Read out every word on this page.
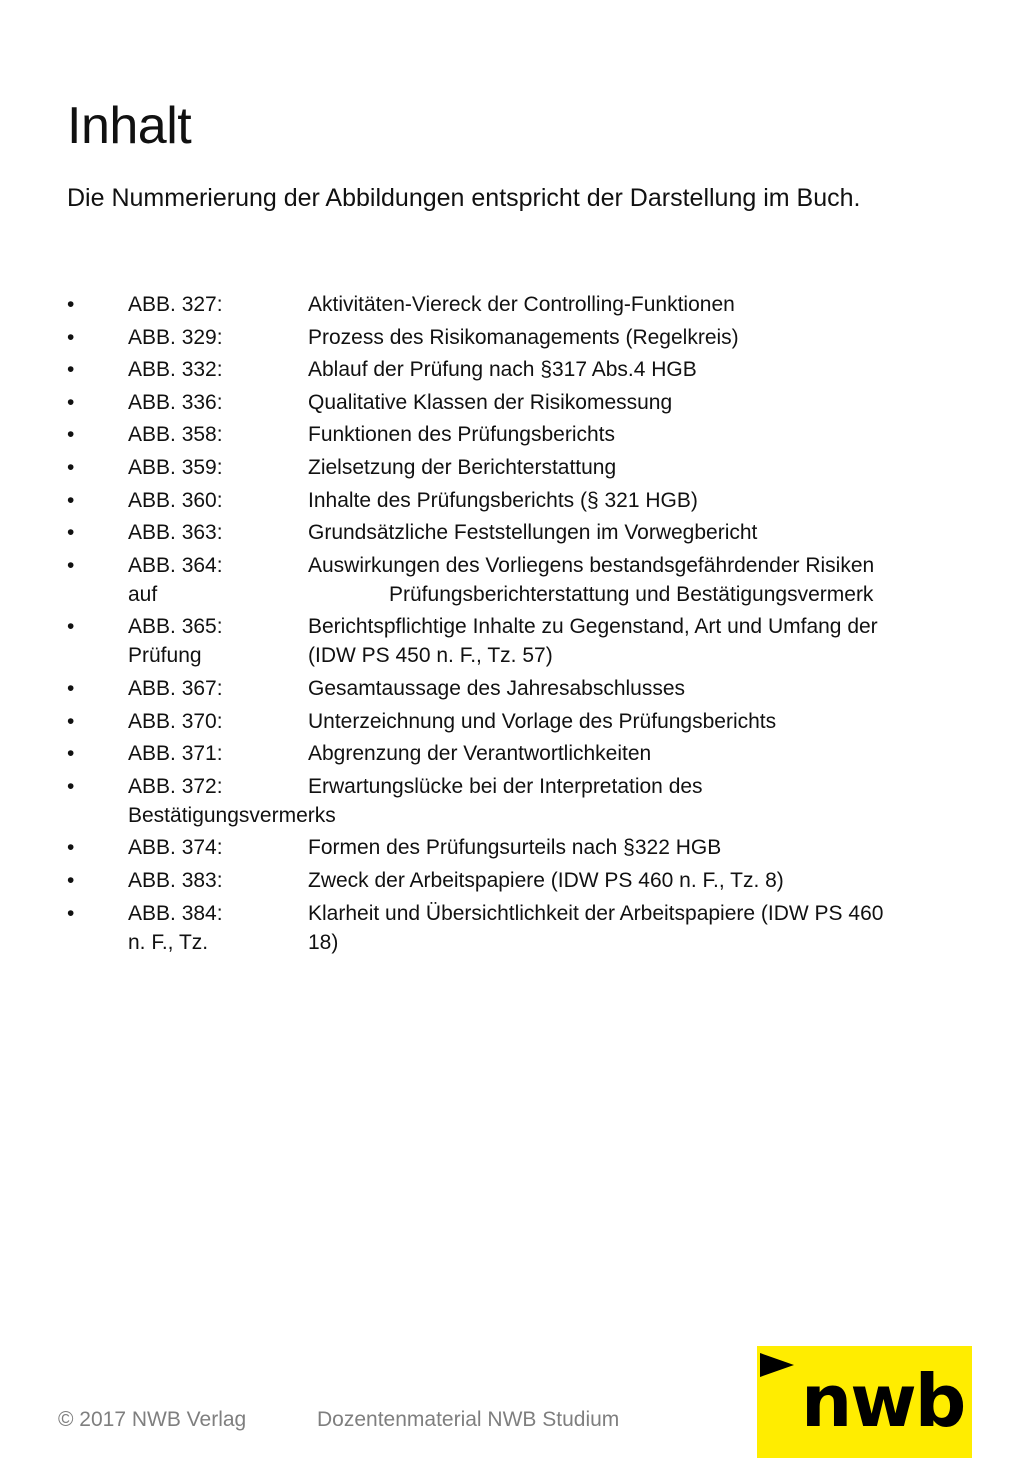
Inhalt

Die Nummerierung der Abbildungen entspricht der Darstellung im Buch.

•	ABB. 327:	Aktivitäten-Viereck der Controlling-Funktionen
•	ABB. 329:	Prozess des Risikomanagements (Regelkreis)
•	ABB. 332:	Ablauf der Prüfung nach §317 Abs.4 HGB
•	ABB. 336:	Qualitative Klassen der Risikomessung
•	ABB. 358:	Funktionen des Prüfungsberichts
•	ABB. 359:	Zielsetzung der Berichterstattung
•	ABB. 360:	Inhalte des Prüfungsberichts (§ 321 HGB)
•	ABB. 363:	Grundsätzliche Feststellungen im Vorwegbericht
•	ABB. 364:	Auswirkungen des Vorliegens bestandsgefährdender Risiken
auf	Prüfungsberichterstattung und Bestätigungsvermerk
•	ABB. 365:	Berichtspflichtige Inhalte zu Gegenstand, Art und Umfang der
Prüfung	(IDW PS 450 n. F., Tz. 57)
•	ABB. 367:	Gesamtaussage des Jahresabschlusses
•	ABB. 370:	Unterzeichnung und Vorlage des Prüfungsberichts
•	ABB. 371:	Abgrenzung der Verantwortlichkeiten
•	ABB. 372:	Erwartungslücke bei der Interpretation des
Bestätigungsvermerks
•	ABB. 374:	Formen des Prüfungsurteils nach §322 HGB
•	ABB. 383:	Zweck der Arbeitspapiere (IDW PS 460 n. F., Tz. 8)
•	ABB. 384:	Klarheit und Übersichtlichkeit der Arbeitspapiere (IDW PS 460
n. F., Tz.	18)
© 2017 NWB Verlag	Dozentenmaterial NWB Studium	nwb
